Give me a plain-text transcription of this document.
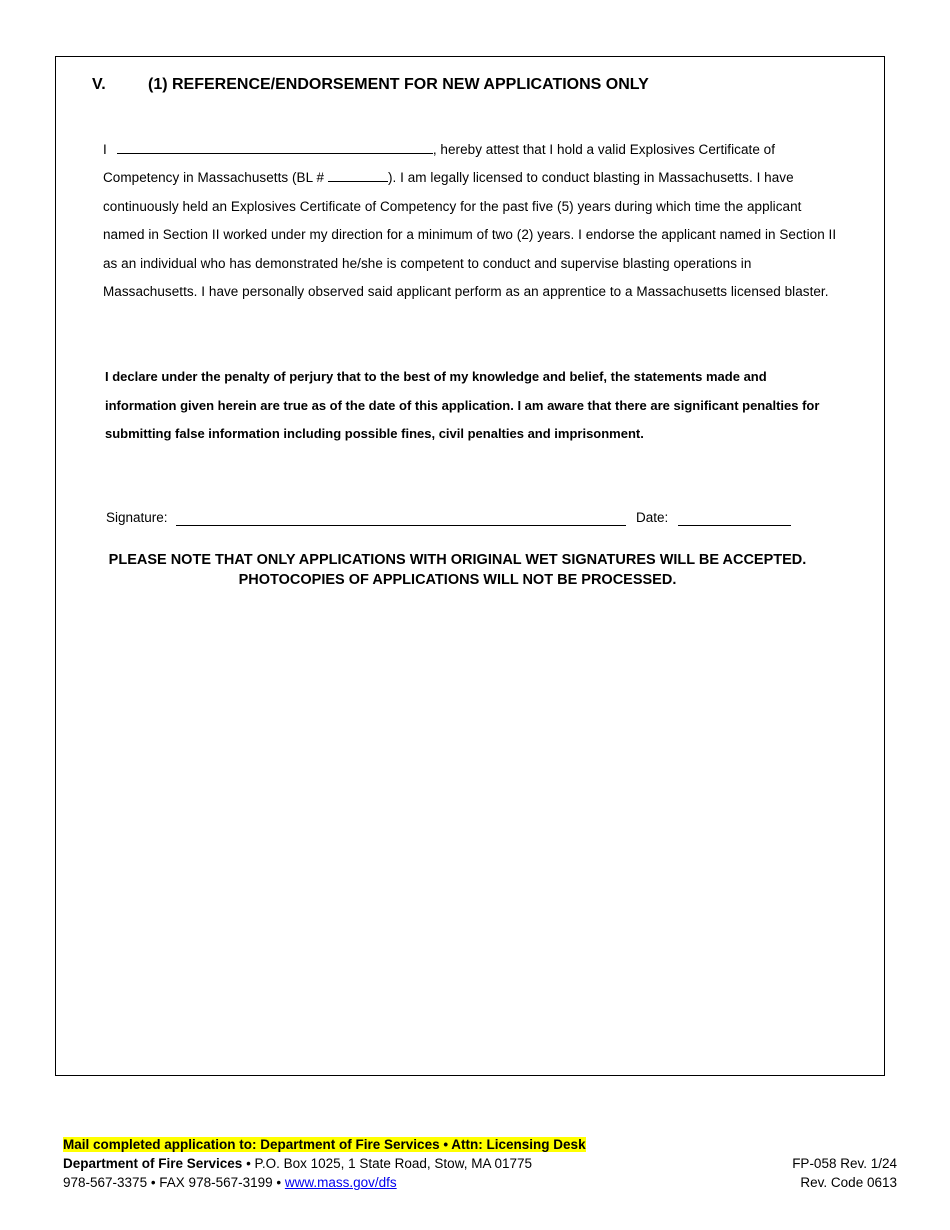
V.	(1) REFERENCE/ENDORSEMENT FOR NEW APPLICATIONS ONLY
I	, hereby attest that I hold a valid Explosives Certificate of Competency in Massachusetts (BL #	). I am legally licensed to conduct blasting in Massachusetts. I have continuously held an Explosives Certificate of Competency for the past five (5) years during which time the applicant named in Section II worked under my direction for a minimum of two (2) years. I endorse the applicant named in Section II as an individual who has demonstrated he/she is competent to conduct and supervise blasting operations in Massachusetts. I have personally observed said applicant perform as an apprentice to a Massachusetts licensed blaster.
I declare under the penalty of perjury that to the best of my knowledge and belief, the statements made and information given herein are true as of the date of this application. I am aware that there are significant penalties for submitting false information including possible fines, civil penalties and imprisonment.
Signature:	Date:
PLEASE NOTE THAT ONLY APPLICATIONS WITH ORIGINAL WET SIGNATURES WILL BE ACCEPTED.
PHOTOCOPIES OF APPLICATIONS WILL NOT BE PROCESSED.
Mail completed application to: Department of Fire Services • Attn: Licensing Desk
Department of Fire Services • P.O. Box 1025, 1 State Road, Stow, MA 01775
978-567-3375 • FAX 978-567-3199 • www.mass.gov/dfs
FP-058 Rev. 1/24
Rev. Code 0613
